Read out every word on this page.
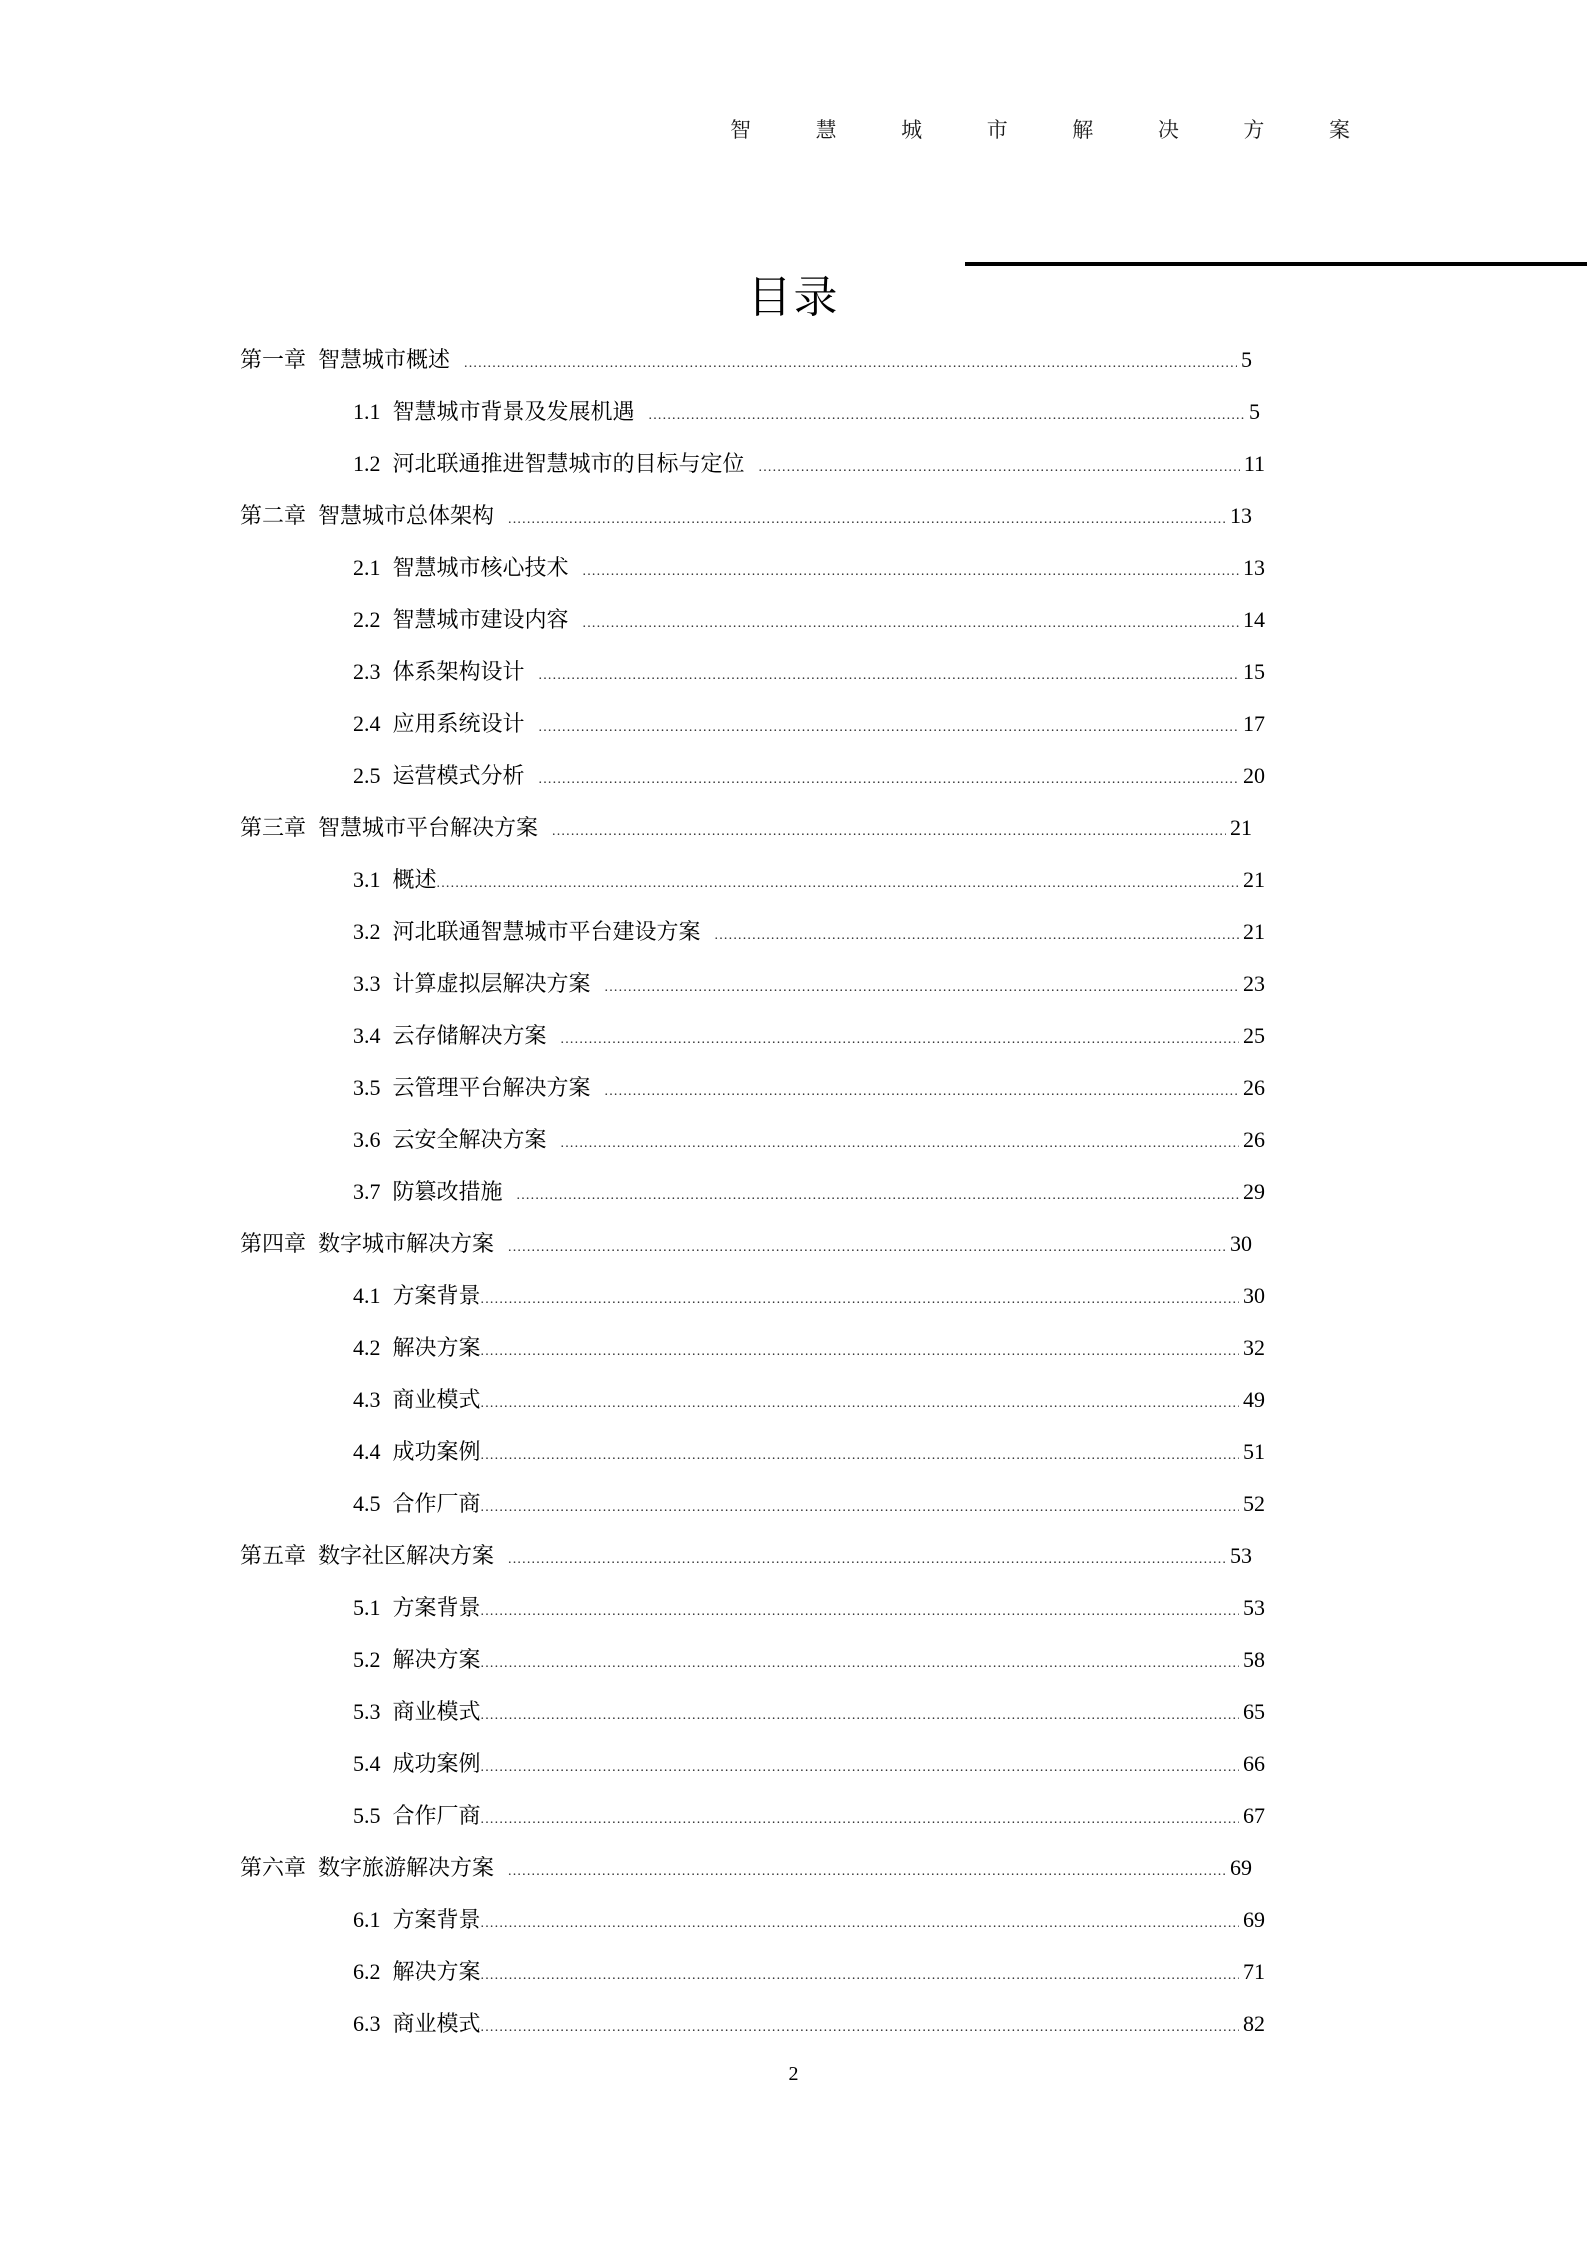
智	慧	城	市	解	决	方	案
目录
第一章 智慧城市概述 .....	5
1.1 智慧城市背景及发展机遇 .....	5
1.2 河北联通推进智慧城市的目标与定位 .....	11
第二章 智慧城市总体架构 .....	13
2.1 智慧城市核心技术 .....	13
2.2 智慧城市建设内容 .....	14
2.3 体系架构设计 .....	15
2.4 应用系统设计 .....	17
2.5 运营模式分析 .....	20
第三章 智慧城市平台解决方案 .....	21
3.1 概述 .....	21
3.2 河北联通智慧城市平台建设方案 .....	21
3.3 计算虚拟层解决方案 .....	23
3.4 云存储解决方案 .....	25
3.5 云管理平台解决方案 .....	26
3.6 云安全解决方案 .....	26
3.7 防篡改措施 .....	29
第四章 数字城市解决方案 .....	30
4.1 方案背景 .....	30
4.2 解决方案 .....	32
4.3 商业模式 .....	49
4.4 成功案例 .....	51
4.5 合作厂商 .....	52
第五章 数字社区解决方案 .....	53
5.1 方案背景 .....	53
5.2 解决方案 .....	58
5.3 商业模式 .....	65
5.4 成功案例 .....	66
5.5 合作厂商 .....	67
第六章 数字旅游解决方案 .....	69
6.1 方案背景 .....	69
6.2 解决方案 .....	71
6.3 商业模式 .....	82
2
